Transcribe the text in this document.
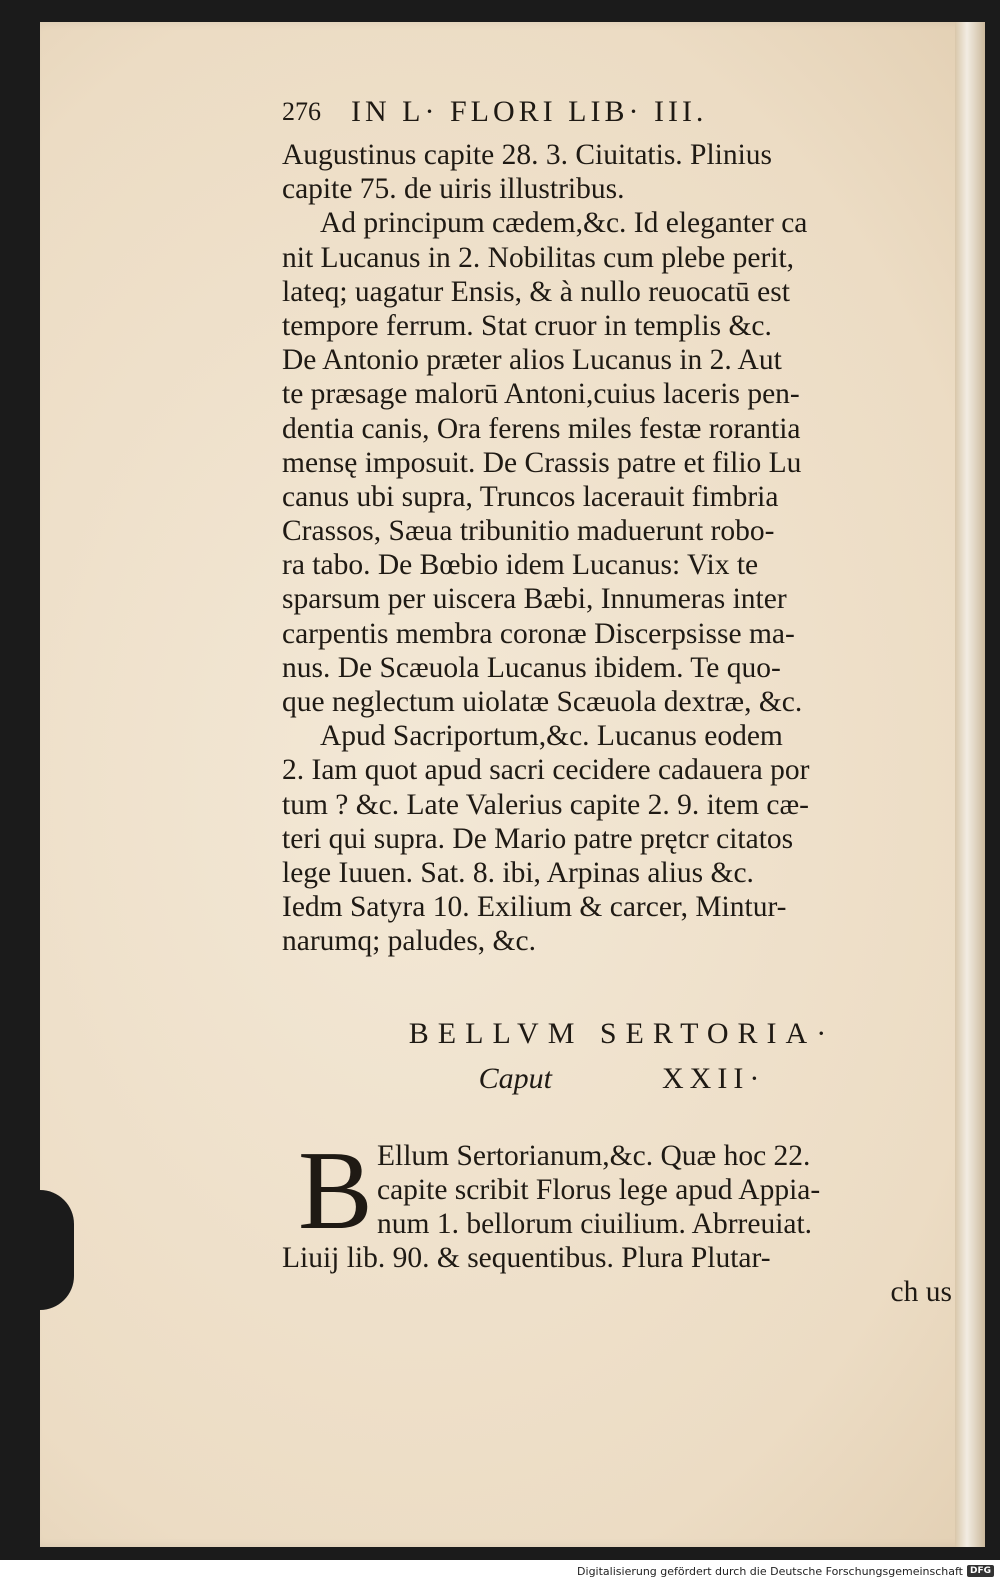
276 IN L· FLORI LIB· III.
Augustinus capite 28. 3. Ciuitatis. Plinius
capite 75. de uiris illustribus.
Ad principum cædem,&c. Id eleganter ca
nit Lucanus in 2. Nobilitas cum plebe perit,
lateq; uagatur Ensis, & à nullo reuocatū est
tempore ferrum. Stat cruor in templis &c.
De Antonio præter alios Lucanus in 2. Aut
te præsage malorū Antoni,cuius laceris pen-
dentia canis, Ora ferens miles festæ rorantia
mensę imposuit. De Crassis patre et filio Lu
canus ubi supra, Truncos lacerauit fimbria
Crassos, Sæua tribunitio maduerunt robo-
ra tabo. De Bœbio idem Lucanus: Vix te
sparsum per uiscera Bæbi, Innumeras inter
carpentis membra coronæ Discerpsisse ma-
nus. De Scæuola Lucanus ibidem. Te quo-
que neglectum uiolatæ Scæuola dextræ, &c.
Apud Sacriportum,&c. Lucanus eodem
2. Iam quot apud sacri cecidere cadauera por
tum ? &c. Late Valerius capite 2. 9. item cæ-
teri qui supra. De Mario patre prętcr citatos
lege Iuuen. Sat. 8. ibi, Arpinas alius &c.
Iedm Satyra 10. Exilium & carcer, Mintur-
narumq; paludes, &c.
BELLVM SERTORIA·
Caput	XXII·
B Ellum Sertorianum,&c. Quæ hoc 22.
capite scribit Florus lege apud Appia-
num 1. bellorum ciuilium. Abrreuiat.
Liuij lib. 90. & sequentibus. Plura Plutar-
ch us
Digitalisierung gefördert durch die Deutsche Forschungsgemeinschaft DFG
